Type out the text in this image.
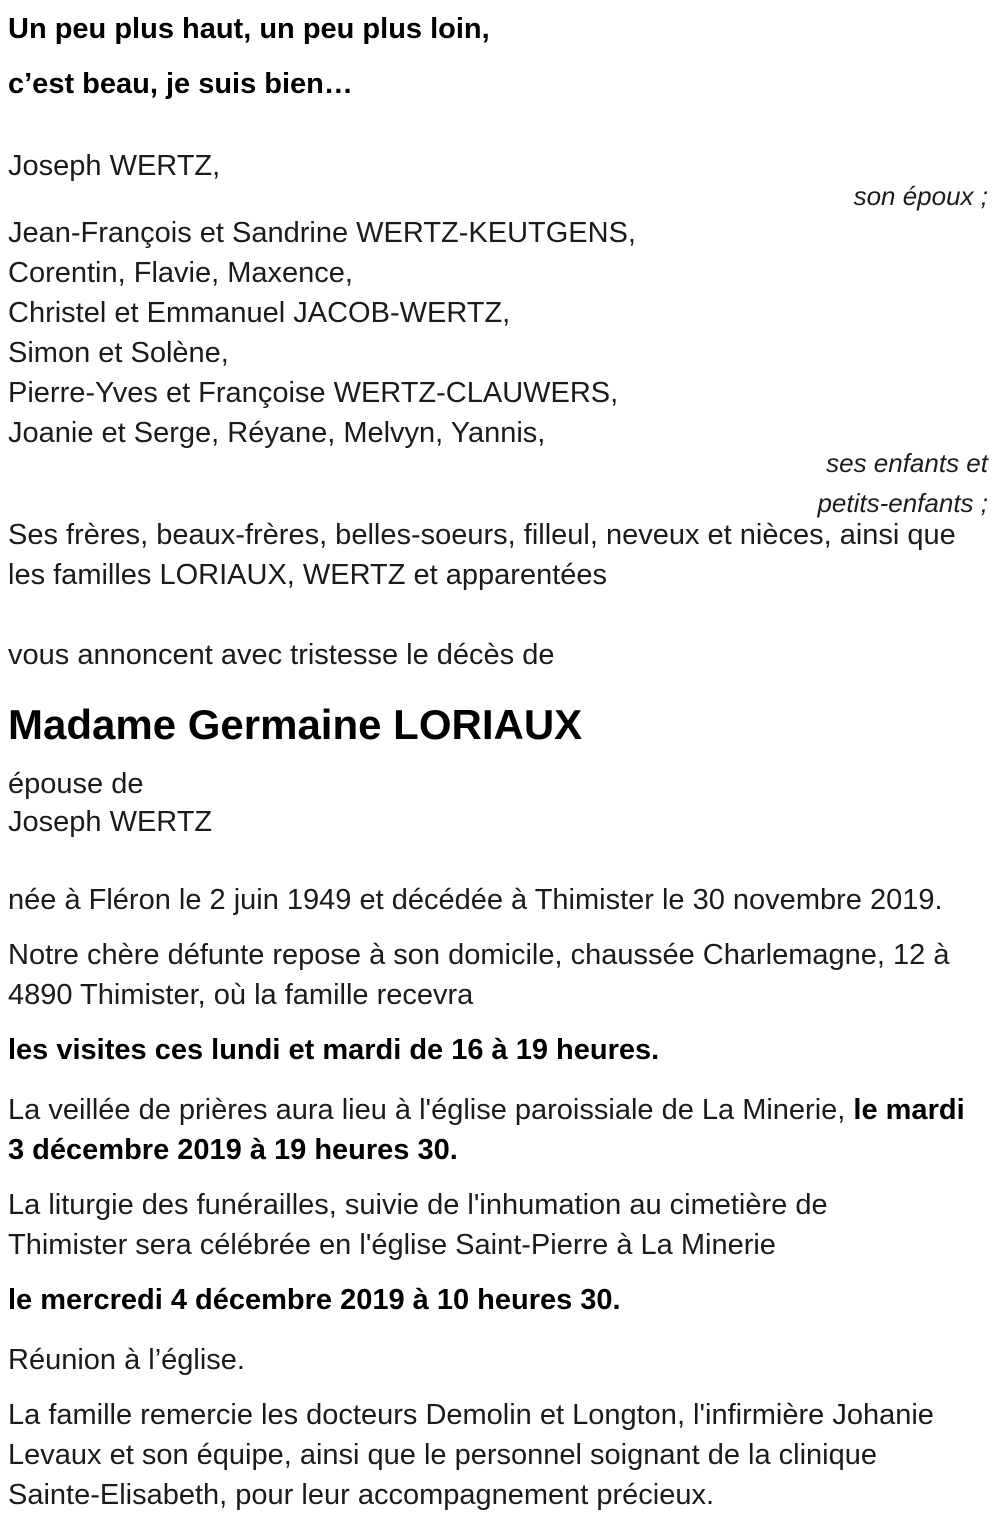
Un peu plus haut, un peu plus loin,
c’est beau, je suis bien…
Joseph WERTZ,
son époux ;
Jean-François et Sandrine WERTZ-KEUTGENS,
Corentin, Flavie, Maxence,
Christel et Emmanuel JACOB-WERTZ,
Simon et Solène,
Pierre-Yves et Françoise WERTZ-CLAUWERS,
Joanie et Serge, Réyane, Melvyn, Yannis,
ses enfants et
petits-enfants ;
Ses frères, beaux-frères, belles-soeurs, filleul, neveux et nièces, ainsi que
les familles LORIAUX, WERTZ et apparentées
vous annoncent avec tristesse le décès de
Madame Germaine LORIAUX
épouse de
Joseph WERTZ
née à Fléron le 2 juin 1949 et décédée à Thimister le 30 novembre 2019.
Notre chère défunte repose à son domicile, chaussée Charlemagne, 12 à
4890 Thimister, où la famille recevra
les visites ces lundi et mardi de 16 à 19 heures.
La veillée de prières aura lieu à l'église paroissiale de La Minerie, le mardi
3 décembre 2019 à 19 heures 30.
La liturgie des funérailles, suivie de l'inhumation au cimetière de
Thimister sera célébrée en l'église Saint-Pierre à La Minerie
le mercredi 4 décembre 2019 à 10 heures 30.
Réunion à l’église.
La famille remercie les docteurs Demolin et Longton, l'infirmière Johanie
Levaux et son équipe, ainsi que le personnel soignant de la clinique
Sainte-Elisabeth, pour leur accompagnement précieux.
